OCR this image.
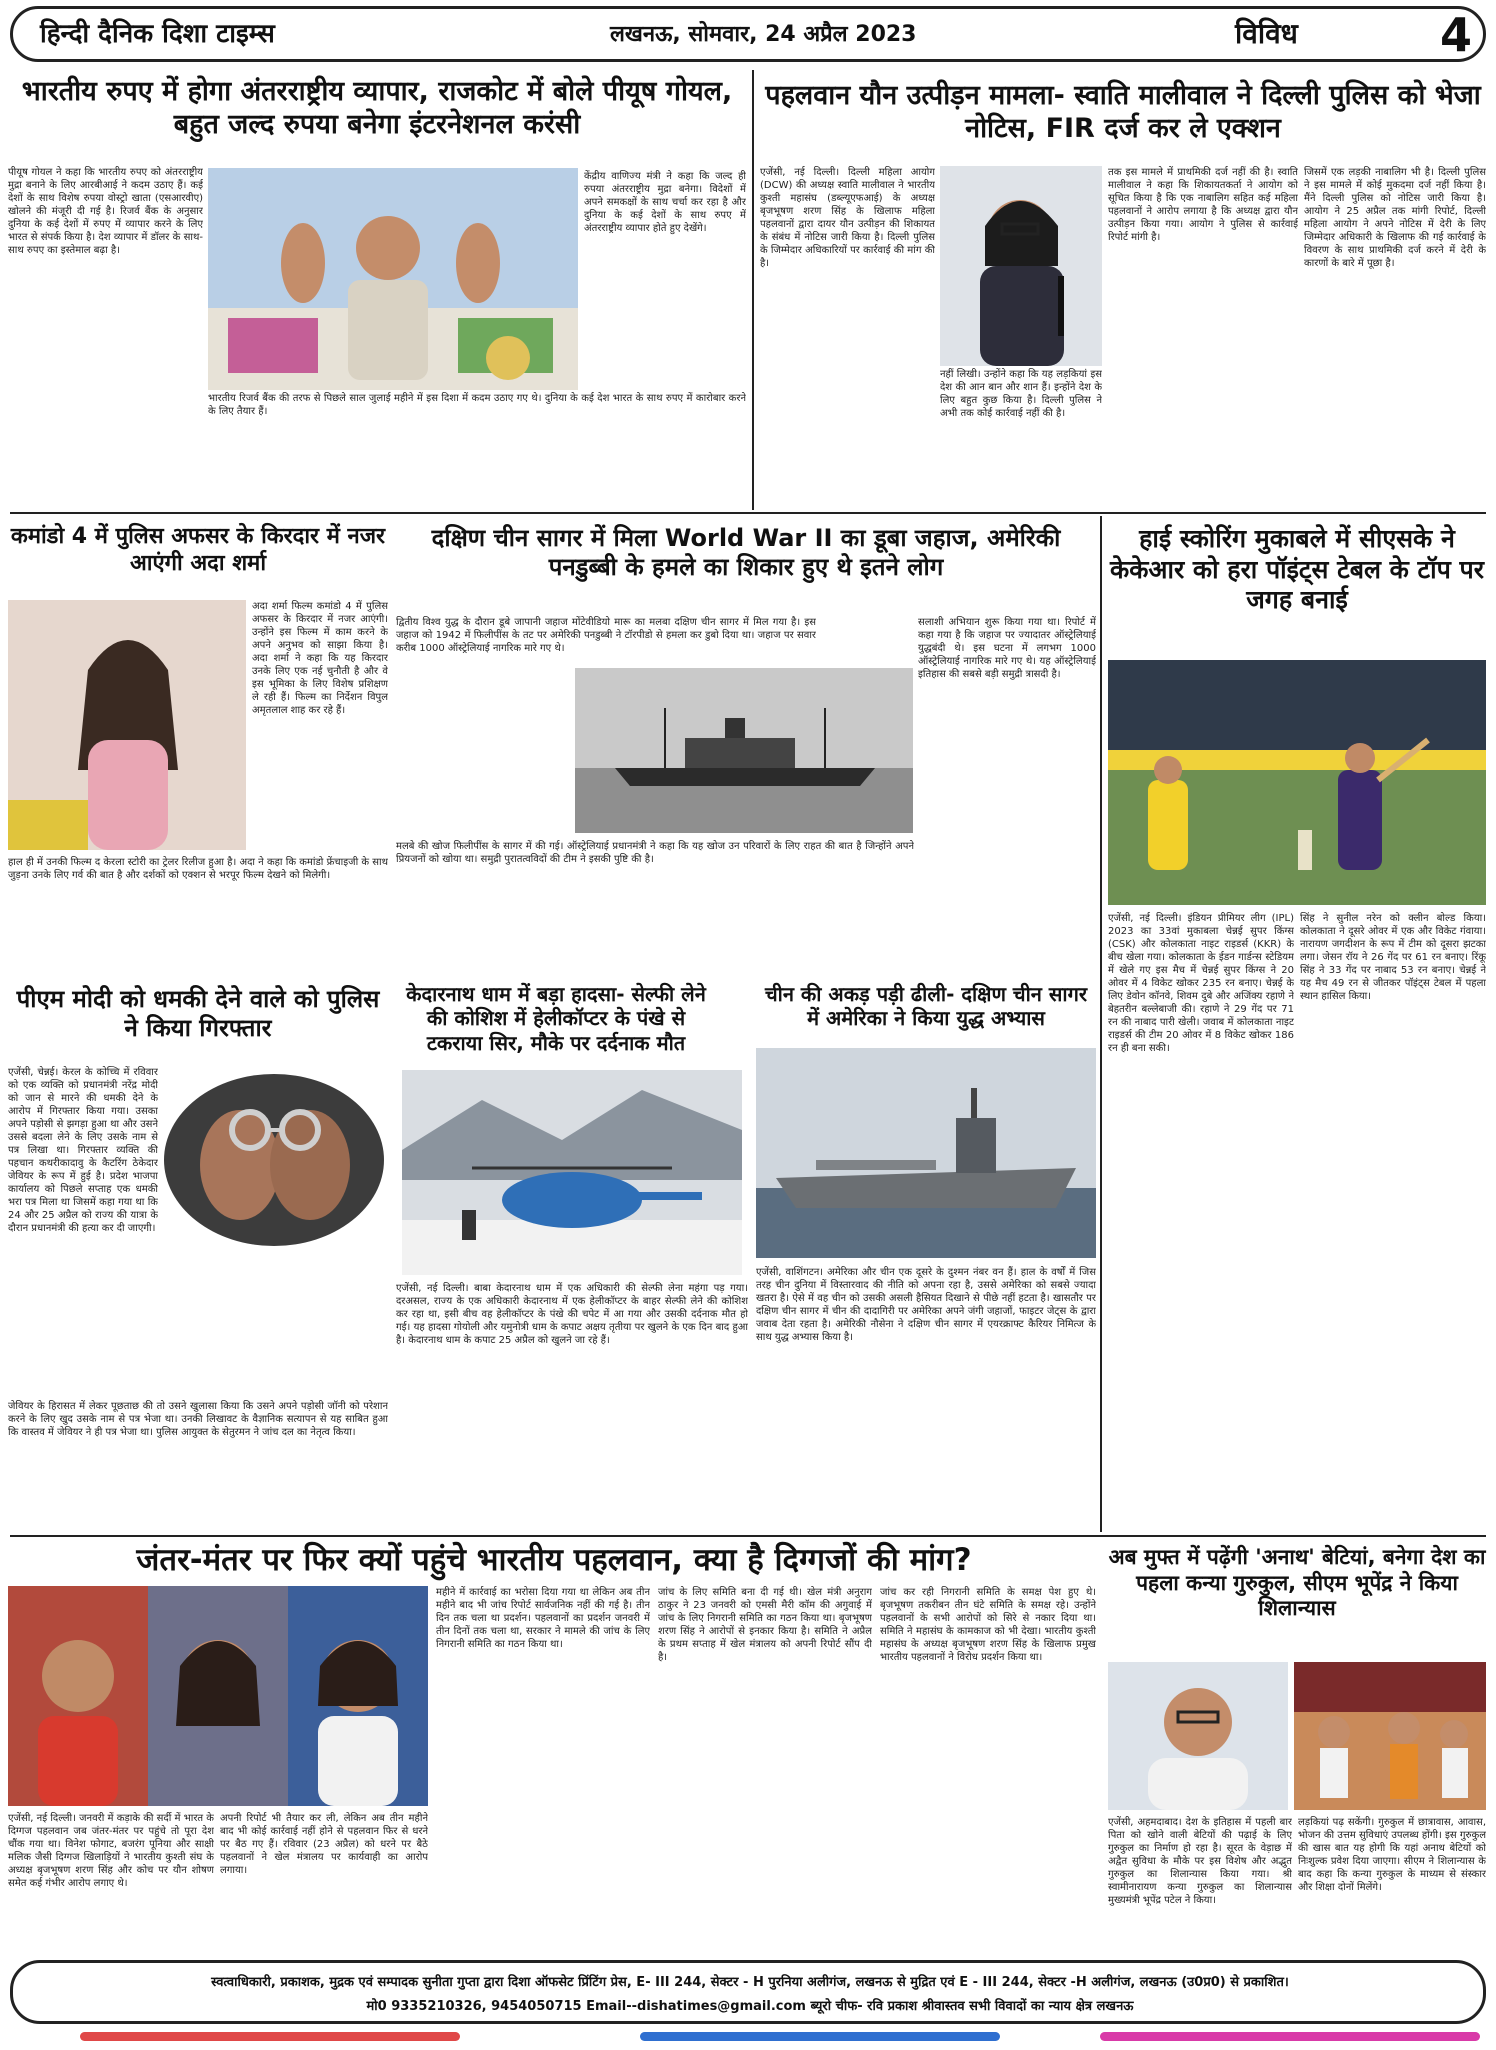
हिन्दी दैनिक दिशा टाइम्स	लखनऊ, सोमवार, 24 अप्रैल 2023	विविध	4
भारतीय रुपए में होगा अंतरराष्ट्रीय व्यापार, राजकोट में बोले पीयूष गोयल, बहुत जल्द रुपया बनेगा इंटरनेशनल करंसी
पीयूष गोयल ने कहा कि भारतीय रुपए को अंतरराष्ट्रीय मुद्रा बनाने के लिए आरबीआई ने कदम उठाए हैं। कई देशों के साथ विशेष रुपया वोस्ट्रो खाता (एसआरवीए) खोलने की मंजूरी दी गई है। रिजर्व बैंक के अनुसार दुनिया के कई देशों में रुपए में व्यापार करने के लिए भारत से संपर्क किया है। देश व्यापार में डॉलर के साथ-साथ रुपए का इस्तेमाल बढ़ा है।
केंद्रीय वाणिज्य मंत्री ने कहा कि जल्द ही रुपया अंतरराष्ट्रीय मुद्रा बनेगा। विदेशों में अपने समकक्षों के साथ चर्चा कर रहा है और दुनिया के कई देशों के साथ रुपए में अंतरराष्ट्रीय व्यापार होते हुए देखेंगे।
भारतीय रिजर्व बैंक की तरफ से पिछले साल जुलाई महीने में इस दिशा में कदम उठाए गए थे। दुनिया के कई देश भारत के साथ रुपए में कारोबार करने के लिए तैयार हैं।
पहलवान यौन उत्पीड़न मामला- स्वाति मालीवाल ने दिल्ली पुलिस को भेजा नोटिस, FIR दर्ज कर ले एक्शन
एजेंसी, नई दिल्ली। दिल्ली महिला आयोग (DCW) की अध्यक्ष स्वाति मालीवाल ने भारतीय कुश्ती महासंघ (डब्ल्यूएफआई) के अध्यक्ष बृजभूषण शरण सिंह के खिलाफ महिला पहलवानों द्वारा दायर यौन उत्पीड़न की शिकायत के संबंध में नोटिस जारी किया है। दिल्ली पुलिस के जिम्मेदार अधिकारियों पर कार्रवाई की मांग की है।
नहीं लिखी। उन्होंने कहा कि यह लड़कियां इस देश की आन बान और शान हैं। इन्होंने देश के लिए बहुत कुछ किया है। दिल्ली पुलिस ने अभी तक कोई कार्रवाई नहीं की है।
तक इस मामले में प्राथमिकी दर्ज नहीं की है। स्वाति मालीवाल ने कहा कि शिकायतकर्ता ने आयोग को सूचित किया है कि एक नाबालिग सहित कई महिला पहलवानों ने आरोप लगाया है कि अध्यक्ष द्वारा यौन उत्पीड़न किया गया। आयोग ने पुलिस से कार्रवाई रिपोर्ट मांगी है।
जिसमें एक लड़की नाबालिग भी है। दिल्ली पुलिस ने इस मामले में कोई मुकदमा दर्ज नहीं किया है। मैंने दिल्ली पुलिस को नोटिस जारी किया है। आयोग ने 25 अप्रैल तक मांगी रिपोर्ट, दिल्ली महिला आयोग ने अपने नोटिस में देरी के लिए जिम्मेदार अधिकारी के खिलाफ की गई कार्रवाई के विवरण के साथ प्राथमिकी दर्ज करने में देरी के कारणों के बारे में पूछा है।
कमांडो 4 में पुलिस अफसर के किरदार में नजर आएंगी अदा शर्मा
अदा शर्मा फिल्म कमांडो 4 में पुलिस अफसर के किरदार में नजर आएंगी। उन्होंने इस फिल्म में काम करने के अपने अनुभव को साझा किया है। अदा शर्मा ने कहा कि यह किरदार उनके लिए एक नई चुनौती है और वे इस भूमिका के लिए विशेष प्रशिक्षण ले रही हैं। फिल्म का निर्देशन विपुल अमृतलाल शाह कर रहे हैं।
हाल ही में उनकी फिल्म द केरला स्टोरी का ट्रेलर रिलीज हुआ है। अदा ने कहा कि कमांडो फ्रेंचाइजी के साथ जुड़ना उनके लिए गर्व की बात है और दर्शकों को एक्शन से भरपूर फिल्म देखने को मिलेगी।
दक्षिण चीन सागर में मिला World War II का डूबा जहाज, अमेरिकी पनडुब्बी के हमले का शिकार हुए थे इतने लोग
द्वितीय विश्व युद्ध के दौरान डूबे जापानी जहाज मोंटेवीडियो मारू का मलबा दक्षिण चीन सागर में मिल गया है। इस जहाज को 1942 में फिलीपींस के तट पर अमेरिकी पनडुब्बी ने टॉरपीडो से हमला कर डुबो दिया था। जहाज पर सवार करीब 1000 ऑस्ट्रेलियाई नागरिक मारे गए थे।
सलाशी अभियान शुरू किया गया था। रिपोर्ट में कहा गया है कि जहाज पर ज्यादातर ऑस्ट्रेलियाई युद्धबंदी थे। इस घटना में लगभग 1000 ऑस्ट्रेलियाई नागरिक मारे गए थे। यह ऑस्ट्रेलियाई इतिहास की सबसे बड़ी समुद्री त्रासदी है।
मलबे की खोज फिलीपींस के सागर में की गई। ऑस्ट्रेलियाई प्रधानमंत्री ने कहा कि यह खोज उन परिवारों के लिए राहत की बात है जिन्होंने अपने प्रियजनों को खोया था। समुद्री पुरातत्वविदों की टीम ने इसकी पुष्टि की है।
हाई स्कोरिंग मुकाबले में सीएसके ने केकेआर को हरा पॉइंट्स टेबल के टॉप पर जगह बनाई
एजेंसी, नई दिल्ली। इंडियन प्रीमियर लीग (IPL) 2023 का 33वां मुकाबला चेन्नई सुपर किंग्स (CSK) और कोलकाता नाइट राइडर्स (KKR) के बीच खेला गया। कोलकाता के ईडन गार्डन्स स्टेडियम में खेले गए इस मैच में चेन्नई सुपर किंग्स ने 20 ओवर में 4 विकेट खोकर 235 रन बनाए। चेन्नई के लिए डेवोन कॉनवे, शिवम दुबे और अजिंक्य रहाणे ने बेहतरीन बल्लेबाजी की। रहाणे ने 29 गेंद पर 71 रन की नाबाद पारी खेली। जवाब में कोलकाता नाइट राइडर्स की टीम 20 ओवर में 8 विकेट खोकर 186 रन ही बना सकी।
सिंह ने सुनील नरेन को क्लीन बोल्ड किया। कोलकाता ने दूसरे ओवर में एक और विकेट गंवाया। नारायण जगदीशन के रूप में टीम को दूसरा झटका लगा। जेसन रॉय ने 26 गेंद पर 61 रन बनाए। रिंकू सिंह ने 33 गेंद पर नाबाद 53 रन बनाए। चेन्नई ने यह मैच 49 रन से जीतकर पॉइंट्स टेबल में पहला स्थान हासिल किया।
पीएम मोदी को धमकी देने वाले को पुलिस ने किया गिरफ्तार
एजेंसी, चेन्नई। केरल के कोच्चि में रविवार को एक व्यक्ति को प्रधानमंत्री नरेंद्र मोदी को जान से मारने की धमकी देने के आरोप में गिरफ्तार किया गया। उसका अपने पड़ोसी से झगड़ा हुआ था और उसने उससे बदला लेने के लिए उसके नाम से पत्र लिखा था। गिरफ्तार व्यक्ति की पहचान कथरीकादावु के कैटरिंग ठेकेदार जेवियर के रूप में हुई है। प्रदेश भाजपा कार्यालय को पिछले सप्ताह एक धमकी भरा पत्र मिला था जिसमें कहा गया था कि 24 और 25 अप्रैल को राज्य की यात्रा के दौरान प्रधानमंत्री की हत्या कर दी जाएगी।
जेवियर के हिरासत में लेकर पूछताछ की तो उसने खुलासा किया कि उसने अपने पड़ोसी जॉनी को परेशान करने के लिए खुद उसके नाम से पत्र भेजा था। उनकी लिखावट के वैज्ञानिक सत्यापन से यह साबित हुआ कि वास्तव में जेवियर ने ही पत्र भेजा था। पुलिस आयुक्त के सेतुरमन ने जांच दल का नेतृत्व किया।
केदारनाथ धाम में बड़ा हादसा- सेल्फी लेने की कोशिश में हेलीकॉप्टर के पंखे से टकराया सिर, मौके पर दर्दनाक मौत
एजेंसी, नई दिल्ली। बाबा केदारनाथ धाम में एक अधिकारी की सेल्फी लेना महंगा पड़ गया। दरअसल, राज्य के एक अधिकारी केदारनाथ में एक हेलीकॉप्टर के बाहर सेल्फी लेने की कोशिश कर रहा था, इसी बीच वह हेलीकॉप्टर के पंखे की चपेट में आ गया और उसकी दर्दनाक मौत हो गई। यह हादसा गोयोली और यमुनोत्री धाम के कपाट अक्षय तृतीया पर खुलने के एक दिन बाद हुआ है। केदारनाथ धाम के कपाट 25 अप्रैल को खुलने जा रहे हैं।
चीन की अकड़ पड़ी ढीली- दक्षिण चीन सागर में अमेरिका ने किया युद्ध अभ्यास
एजेंसी, वाशिंगटन। अमेरिका और चीन एक दूसरे के दुश्मन नंबर वन हैं। हाल के वर्षों में जिस तरह चीन दुनिया में विस्तारवाद की नीति को अपना रहा है, उससे अमेरिका को सबसे ज्यादा खतरा है। ऐसे में वह चीन को उसकी असली हैसियत दिखाने से पीछे नहीं हटता है। खासतौर पर दक्षिण चीन सागर में चीन की दादागिरी पर अमेरिका अपने जंगी जहाजों, फाइटर जेट्स के द्वारा जवाब देता रहता है। अमेरिकी नौसेना ने दक्षिण चीन सागर में एयरक्राफ्ट कैरियर निमित्ज के साथ युद्ध अभ्यास किया है।
अब मुफ्त में पढ़ेंगी 'अनाथ' बेटियां, बनेगा देश का पहला कन्या गुरुकुल, सीएम भूपेंद्र ने किया शिलान्यास
एजेंसी, अहमदाबाद। देश के इतिहास में पहली बार पिता को खोने वाली बेटियों की पढ़ाई के लिए गुरुकुल का निर्माण हो रहा है। सूरत के वेड़ाछ में अद्वैत सुविधा के मौके पर इस विशेष और अद्भुत गुरुकुल का शिलान्यास किया गया। श्री स्वामीनारायण कन्या गुरुकुल का शिलान्यास मुख्यमंत्री भूपेंद्र पटेल ने किया।
लड़कियां पढ़ सकेंगी। गुरुकुल में छात्रावास, आवास, भोजन की उत्तम सुविधाएं उपलब्ध होंगी। इस गुरुकुल की खास बात यह होगी कि यहां अनाथ बेटियों को निःशुल्क प्रवेश दिया जाएगा। सीएम ने शिलान्यास के बाद कहा कि कन्या गुरुकुल के माध्यम से संस्कार और शिक्षा दोनों मिलेंगे।
जंतर-मंतर पर फिर क्यों पहुंचे भारतीय पहलवान, क्या है दिग्गजों की मांग?
एजेंसी, नई दिल्ली। जनवरी में कड़ाके की सर्दी में भारत के दिग्गज पहलवान जब जंतर-मंतर पर पहुंचे तो पूरा देश चौंक गया था। विनेश फोगाट, बजरंग पूनिया और साक्षी मलिक जैसी दिग्गज खिलाड़ियों ने भारतीय कुश्ती संघ के अध्यक्ष बृजभूषण शरण सिंह और कोच पर यौन शोषण समेत कई गंभीर आरोप लगाए थे।
अपनी रिपोर्ट भी तैयार कर ली, लेकिन अब तीन महीने बाद भी कोई कार्रवाई नहीं होने से पहलवान फिर से धरने पर बैठ गए हैं। रविवार (23 अप्रैल) को धरने पर बैठे पहलवानों ने खेल मंत्रालय पर कार्यवाही का आरोप लगाया।
महीने में कार्रवाई का भरोसा दिया गया था लेकिन अब तीन महीने बाद भी जांच रिपोर्ट सार्वजनिक नहीं की गई है। तीन दिन तक चला था प्रदर्शन। पहलवानों का प्रदर्शन जनवरी में तीन दिनों तक चला था, सरकार ने मामले की जांच के लिए निगरानी समिति का गठन किया था।
जांच के लिए समिति बना दी गई थी। खेल मंत्री अनुराग ठाकुर ने 23 जनवरी को एमसी मैरी कॉम की अगुवाई में जांच के लिए निगरानी समिति का गठन किया था। बृजभूषण शरण सिंह ने आरोपों से इनकार किया है। समिति ने अप्रैल के प्रथम सप्ताह में खेल मंत्रालय को अपनी रिपोर्ट सौंप दी है।
जांच कर रही निगरानी समिति के समक्ष पेश हुए थे। बृजभूषण तकरीबन तीन घंटे समिति के समक्ष रहे। उन्होंने पहलवानों के सभी आरोपों को सिरे से नकार दिया था। समिति ने महासंघ के कामकाज को भी देखा। भारतीय कुश्ती महासंघ के अध्यक्ष बृजभूषण शरण सिंह के खिलाफ प्रमुख भारतीय पहलवानों ने विरोध प्रदर्शन किया था।
स्वत्वाधिकारी, प्रकाशक, मुद्रक एवं सम्पादक सुनीता गुप्ता द्वारा दिशा ऑफसेट प्रिंटिंग प्रेस, E- III 244, सेक्टर - H पुरनिया अलीगंज, लखनऊ से मुद्रित एवं E - III 244, सेक्टर -H अलीगंज, लखनऊ (उ0प्र0) से प्रकाशित।
मो0 9335210326, 9454050715 Email--dishatimes@gmail.com ब्यूरो चीफ- रवि प्रकाश श्रीवास्तव सभी विवादों का न्याय क्षेत्र लखनऊ
